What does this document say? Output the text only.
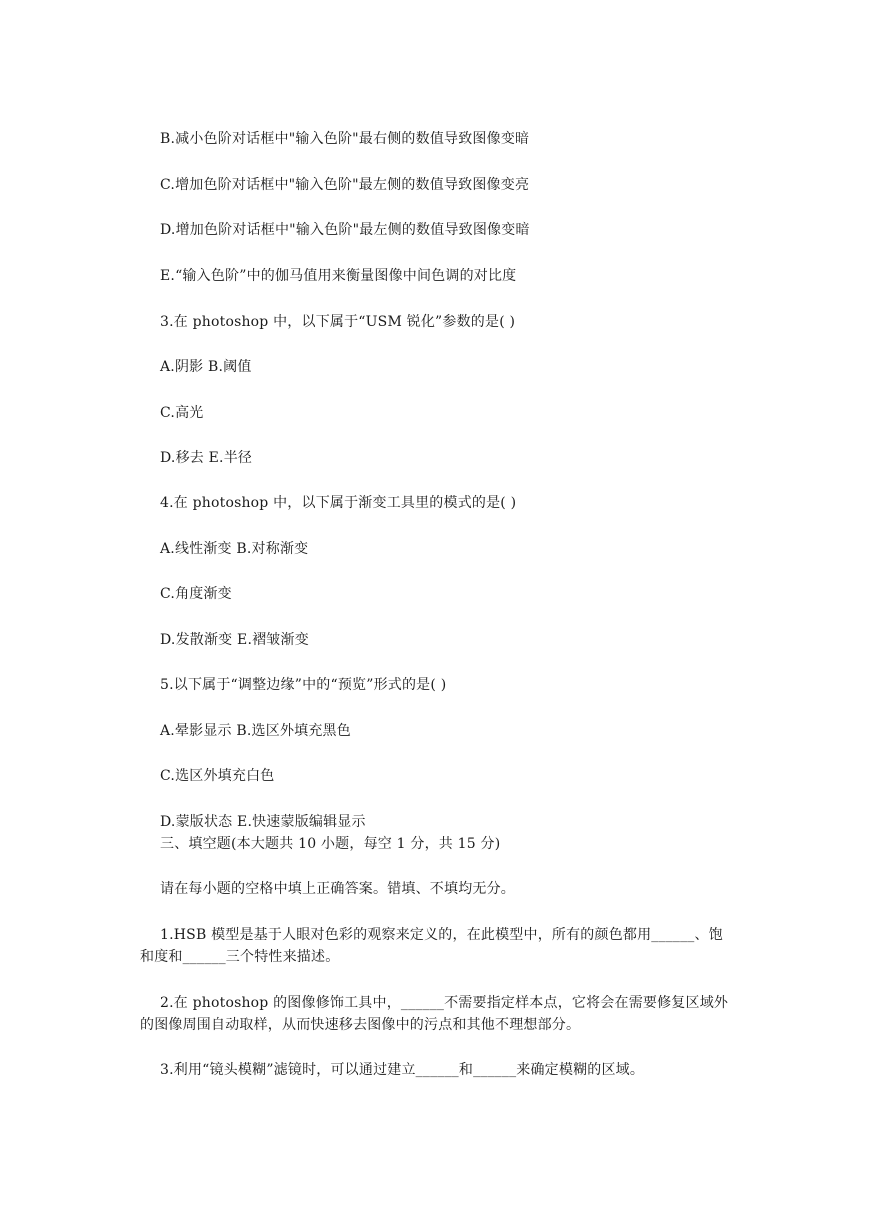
B.减小色阶对话框中"输入色阶"最右侧的数值导致图像变暗
C.增加色阶对话框中"输入色阶"最左侧的数值导致图像变亮
D.增加色阶对话框中"输入色阶"最左侧的数值导致图像变暗
E.“输入色阶”中的伽马值用来衡量图像中间色调的对比度
3.在 photoshop 中，以下属于“USM 锐化”参数的是( )
A.阴影 B.阈值
C.高光
D.移去 E.半径
4.在 photoshop 中，以下属于渐变工具里的模式的是( )
A.线性渐变 B.对称渐变
C.角度渐变
D.发散渐变 E.褶皱渐变
5.以下属于“调整边缘”中的“预览”形式的是( )
A.晕影显示 B.选区外填充黑色
C.选区外填充白色
D.蒙版状态 E.快速蒙版编辑显示
三、填空题(本大题共 10 小题，每空 1 分，共 15 分)
请在每小题的空格中填上正确答案。错填、不填均无分。
1.HSB 模型是基于人眼对色彩的观察来定义的，在此模型中，所有的颜色都用______、饱和度和______三个特性来描述。
2.在 photoshop 的图像修饰工具中，______不需要指定样本点，它将会在需要修复区域外的图像周围自动取样，从而快速移去图像中的污点和其他不理想部分。
3.利用“镜头模糊”滤镜时，可以通过建立______和______来确定模糊的区域。
